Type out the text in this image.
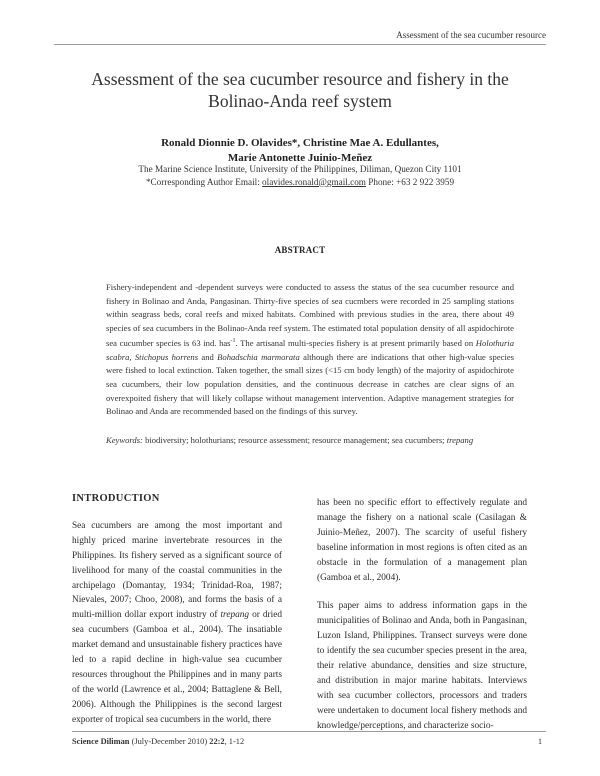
Assessment of the sea cucumber resource
Assessment of the sea cucumber resource and fishery in the
Bolinao-Anda reef system
Ronald Dionnie D. Olavides*, Christine Mae A. Edullantes,
Marie Antonette Juinio-Meñez
The Marine Science Institute, University of the Philippines, Diliman, Quezon City 1101
*Corresponding Author Email: olavides.ronald@gmail.com Phone: +63 2 922 3959
ABSTRACT

Fishery-independent and -dependent surveys were conducted to assess the status of the sea cucumber resource and fishery in Bolinao and Anda, Pangasinan. Thirty-five species of sea cucmbers were recorded in 25 sampling stations within seagrass beds, coral reefs and mixed habitats. Combined with previous studies in the area, there about 49 species of sea cucumbers in the Bolinao-Anda reef system. The estimated total population density of all aspidochirote sea cucumber species is 63 ind. has$^{-1}$. The artisanal multi-species fishery is at present primarily based on Holothuria scabra, Stichopus horrens and Bohadschia marmorata although there are indications that other high-value species were fished to local extinction. Taken together, the small sizes (<15 cm body length) of the majority of aspidochirote sea cucumbers, their low population densities, and the continuous decrease in catches are clear signs of an overexpoited fishery that will likely collapse without management intervention. Adaptive management strategies for Bolinao and Anda are recommended based on the findings of this survey.

Keywords: biodiversity; holothurians; resource assessment; resource management; sea cucumbers; trepang
INTRODUCTION

Sea cucumbers are among the most important and highly priced marine invertebrate resources in the Philippines. Its fishery served as a significant source of livelihood for many of the coastal communities in the archipelago (Domantay, 1934; Trinidad-Roa, 1987; Nievales, 2007; Choo, 2008), and forms the basis of a multi-million dollar export industry of trepang or dried sea cucumbers (Gamboa et al., 2004). The insatiable market demand and unsustainable fishery practices have led to a rapid decline in high-value sea cucumber resources throughout the Philippines and in many parts of the world (Lawrence et al., 2004; Battaglene & Bell, 2006). Although the Philippines is the second largest exporter of tropical sea cucumbers in the world, there

has been no specific effort to effectively regulate and manage the fishery on a national scale (Casilagan & Juinio-Meñez, 2007). The scarcity of useful fishery baseline information in most regions is often cited as an obstacle in the formulation of a management plan (Gamboa et al., 2004).

This paper aims to address information gaps in the municipalities of Bolinao and Anda, both in Pangasinan, Luzon Island, Philippines. Transect surveys were done to identify the sea cucumber species present in the area, their relative abundance, densities and size structure, and distribution in major marine habitats. Interviews with sea cucumber collectors, processors and traders were undertaken to document local fishery methods and knowledge/perceptions, and characterize socio-

Science Diliman (July-December 2010) 22:2, 1-12	1
